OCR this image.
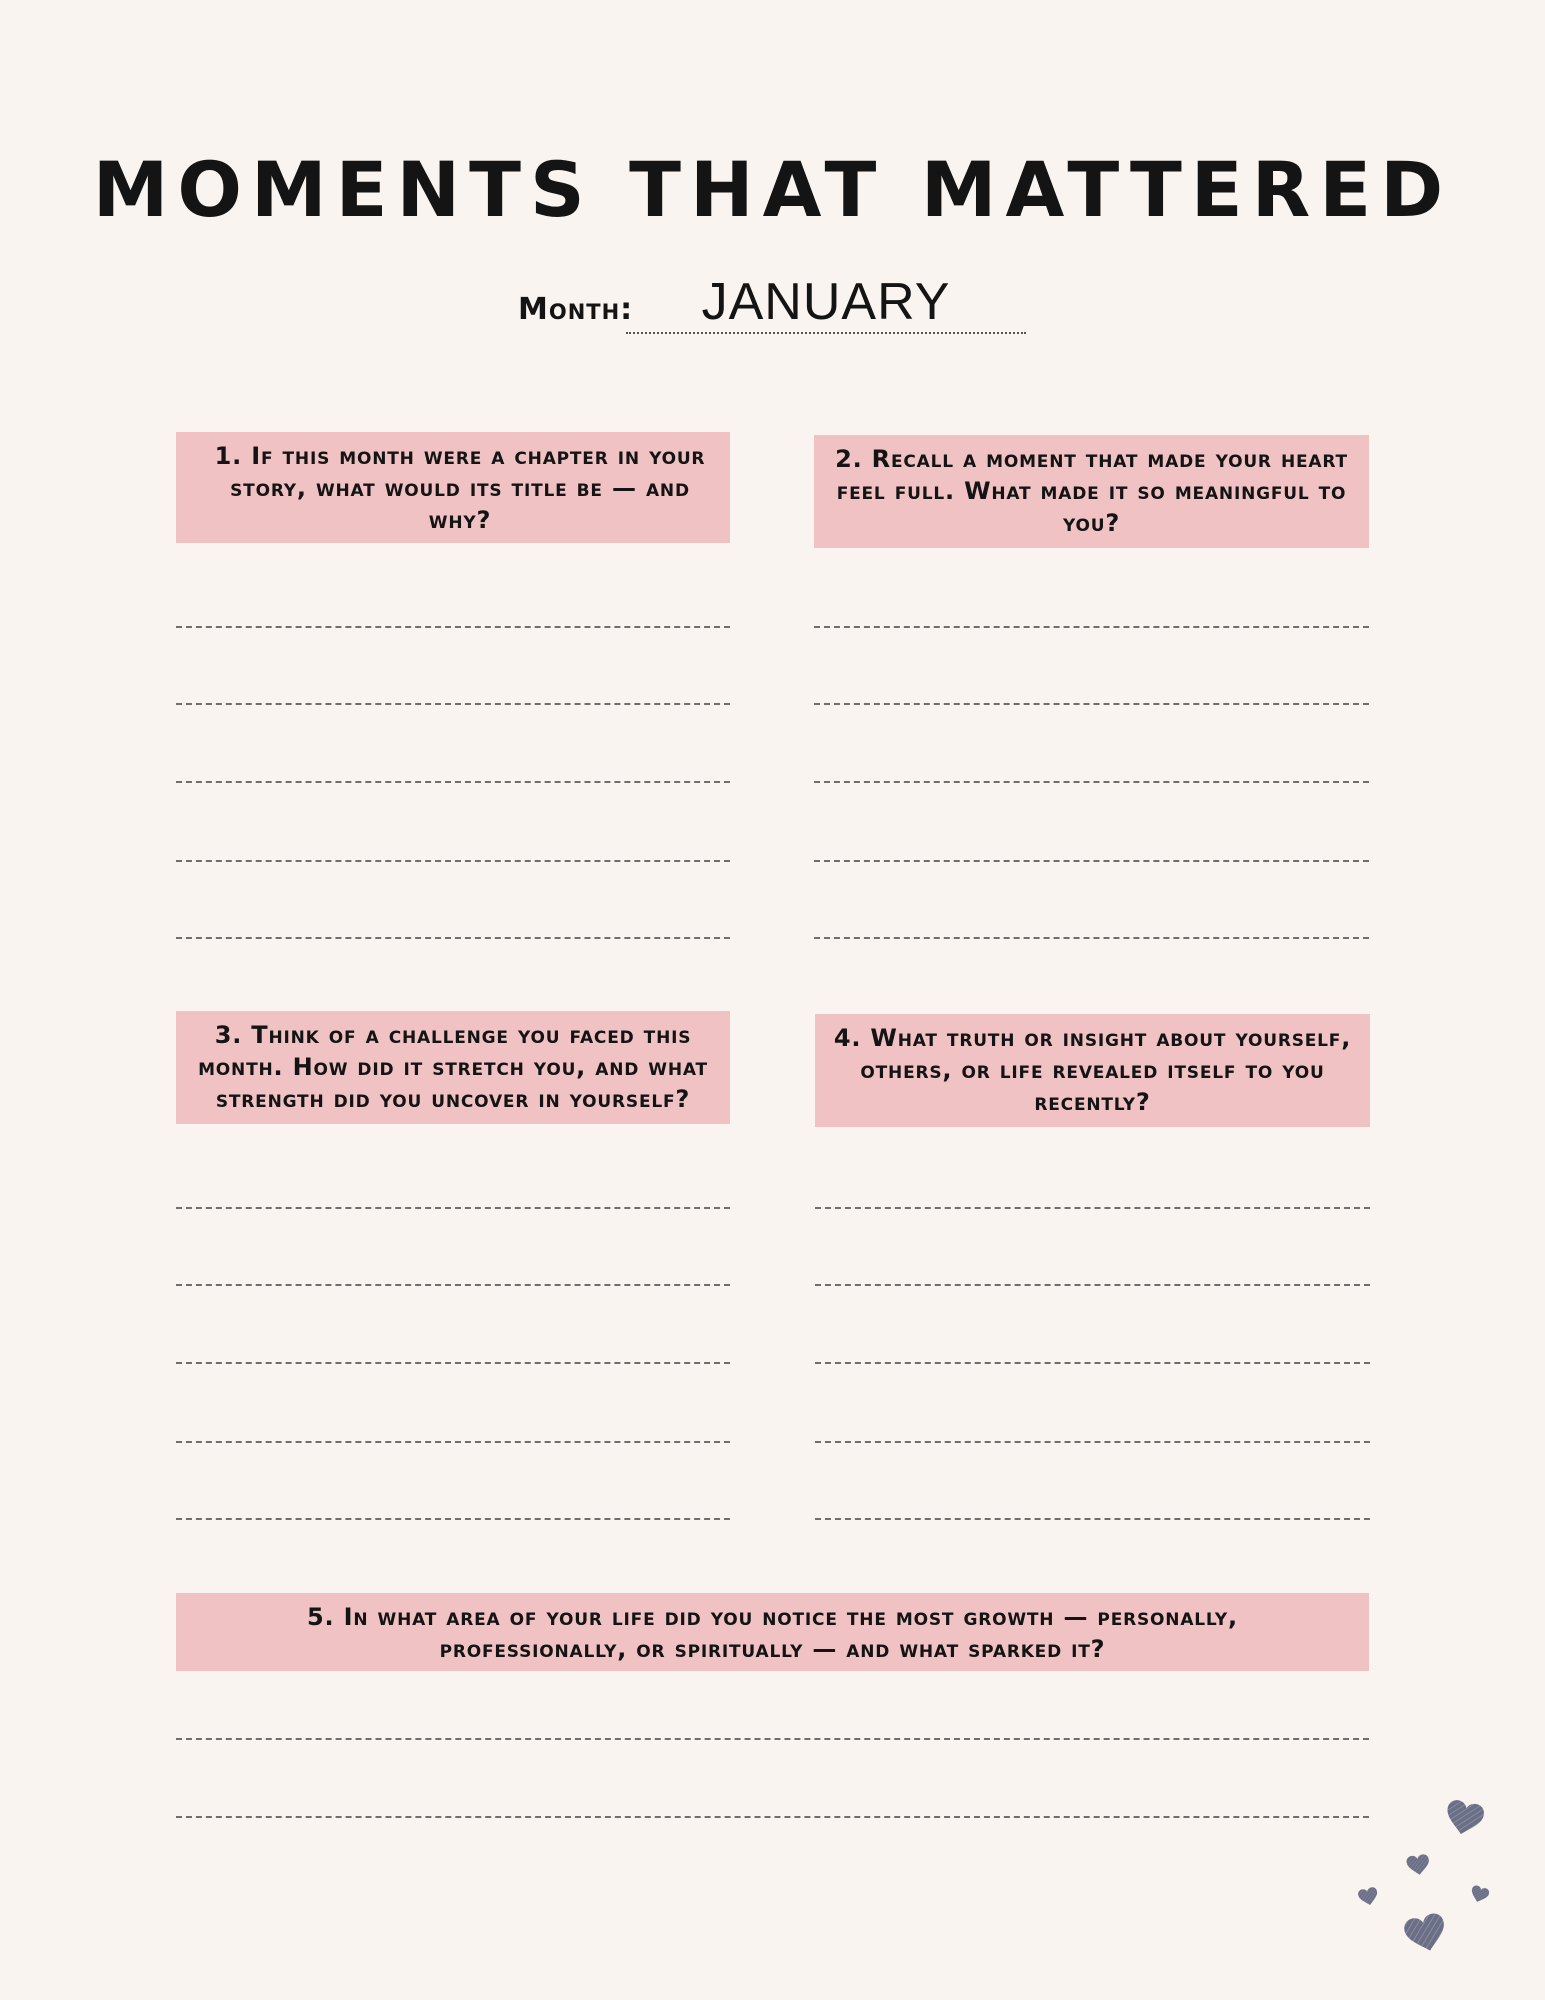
MOMENTS THAT MATTERED
Month:	JANUARY
1. If this month were a chapter in your story, what would its title be — and why?
2. Recall a moment that made your heart feel full. What made it so meaningful to you?
3. Think of a challenge you faced this month. How did it stretch you, and what strength did you uncover in yourself?
4. What truth or insight about yourself, others, or life revealed itself to you recently?
5. In what area of your life did you notice the most growth — personally, professionally, or spiritually — and what sparked it?
